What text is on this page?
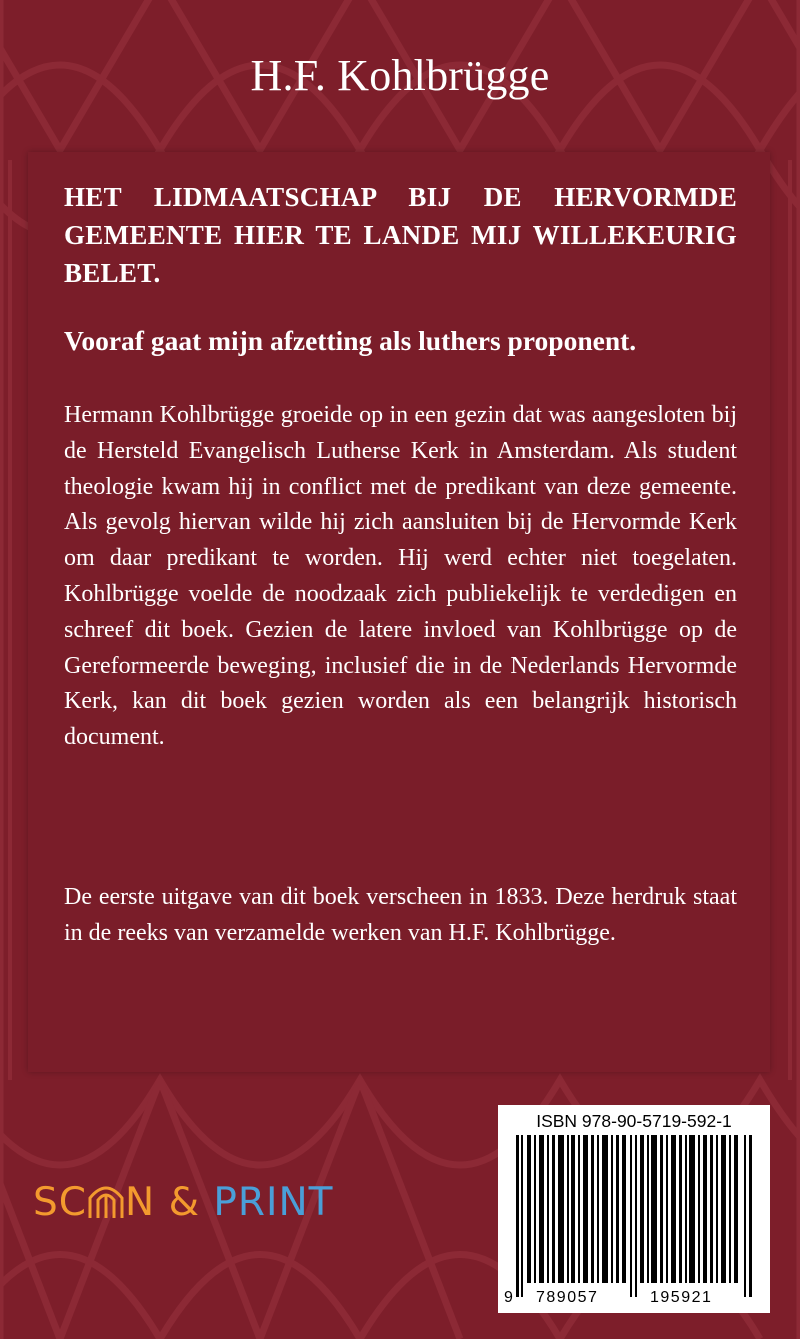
H.F. Kohlbrügge
HET LIDMAATSCHAP BIJ DE HERVORMDE GEMEENTE HIER TE LANDE MIJ WILLEKEURIG BELET.
Vooraf gaat mijn afzetting als luthers proponent.
Hermann Kohlbrügge groeide op in een gezin dat was aangesloten bij de Hersteld Evangelisch Lutherse Kerk in Amsterdam. Als student theologie kwam hij in conflict met de predikant van deze gemeente. Als gevolg hiervan wilde hij zich aansluiten bij de Hervormde Kerk om daar predikant te worden. Hij werd echter niet toegelaten. Kohlbrügge voelde de noodzaak zich publiekelijk te verdedigen en schreef dit boek. Gezien de latere invloed van Kohlbrügge op de Gereformeerde beweging, inclusief die in de Nederlands Hervormde Kerk, kan dit boek gezien worden als een belangrijk historisch document.
De eerste uitgave van dit boek verscheen in 1833. Deze herdruk staat in de reeks van verzamelde werken van H.F. Kohlbrügge.
SC N & PRINT
ISBN 978-90-5719-592-1
9 789057	195921
